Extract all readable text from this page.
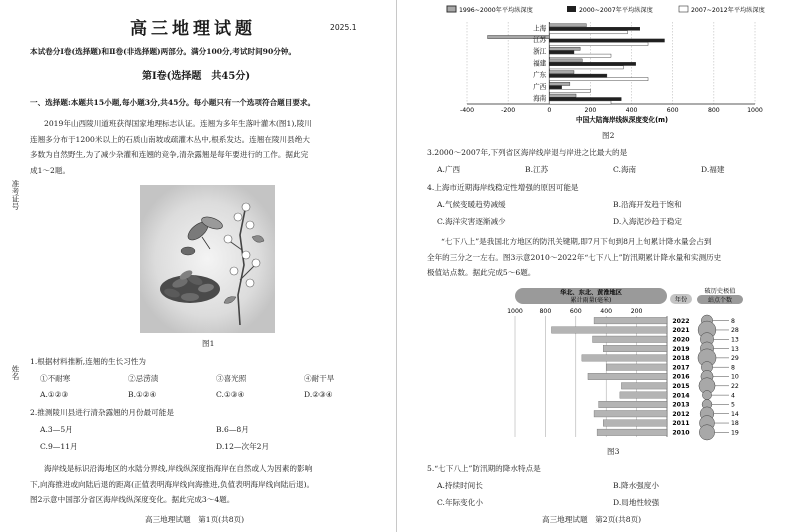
准考证号
姓名
高三地理试题	2025.1
本试卷分Ⅰ卷(选择题)和Ⅱ卷(非选择题)两部分。满分100分,考试时间90分钟。
第Ⅰ卷(选择题　共45分)
一、选择题:本题共15小题,每小题3分,共45分。每小题只有一个选项符合题目要求。
2019年山西陵川道班获得国家地理标志认证。连翘为多年生落叶灌木(图1),陵川
连翘多分布于1200米以上的石质山南坡或疏灌木丛中,根系发达。连翘在陵川县绝大
多数为自然野生,为了减少杂灌和连翘的竞争,清杂露翘是每年要进行的工作。据此完
成1～2题。
图1
1.根据材料推断,连翘的生长习性为
①不耐寒	②忌涝渍	③喜光照	④耐干旱
A.①②③	B.①②④	C.①③④	D.②③④
2.推测陵川县进行清杂露翘的月份最可能是
A.3—5月	B.6—8月
C.9—11月	D.12—次年2月
海岸线是标识沿海地区的水陆分界线,岸线纵深度指海岸在自然或人为因素的影响
下,向海推进或向陆后退的距离(正值表明海岸线向海推进,负值表明海岸线向陆后退)。
图2示意中国部分省区海岸线纵深度变化。据此完成3～4题。
高三地理试题　第1页(共8页)
1996~2000年平均纵深度	2000~2007年平均纵深度	2007~2012年平均纵深度
-400	-200	0	200	400	600	800	1000
上海
江苏
浙江
福建
广东
广西
海南
中国大陆海岸线纵深度变化(m)
图2
3.2000～2007年,下列省区海岸线岸退与岸进之比最大的是
A.广西	B.江苏	C.海南	D.福建
4.上海市近期海岸线稳定性增强的原因可能是
A.气候变暖趋势减缓	B.沿海开发趋于饱和
C.海洋灾害逐渐减少	D.入海泥沙趋于稳定
“七下八上”是我国北方地区的防汛关键期,即7月下旬到8月上旬累计降水量会占到
全年的三分之一左右。图3示意2010～2022年“七下八上”防汛期累计降水量和实测历史
极值站点数。据此完成5～6题。
华北、东北、黄淮地区
累计雨量(毫米)	年份
破历史极值
站点个数
1000	800	600	400	200
2022	8
2021	28
2020	13
2019	13
2018	29
2017	8
2016	10
2015	22
2014	4
2013	5
2012	14
2011	18
2010	19
图3
5.“七下八上”防汛期的降水特点是
A.持续时间长	B.降水强度小
C.年际变化小	D.局地性较强
高三地理试题　第2页(共8页)
